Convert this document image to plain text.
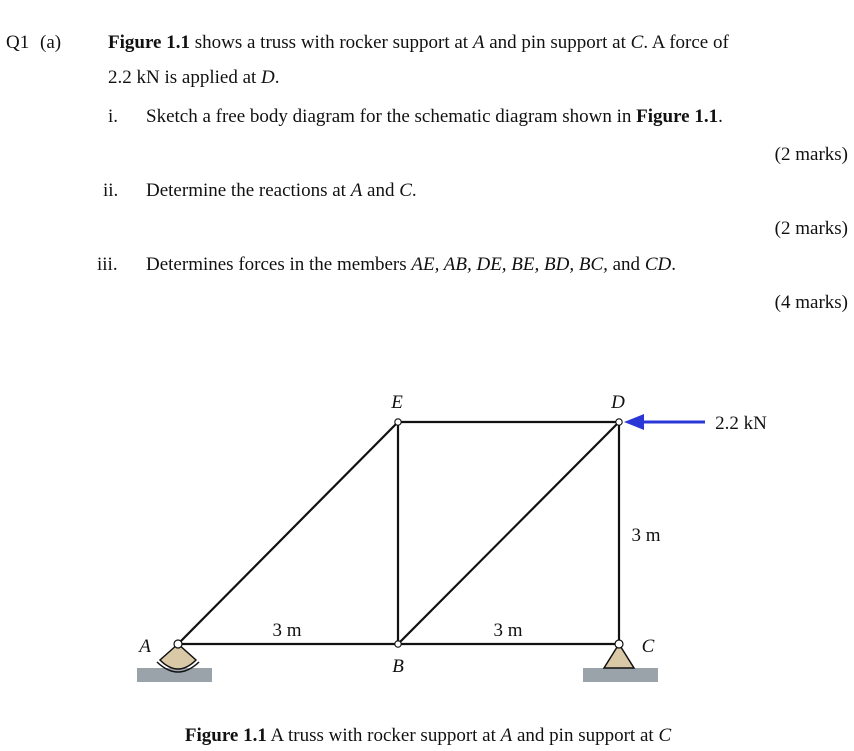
Q1 (a) Figure 1.1 shows a truss with rocker support at A and pin support at C. A force of
2.2 kN is applied at D.
i. Sketch a free body diagram for the schematic diagram shown in Figure 1.1.
(2 marks)
ii. Determine the reactions at A and C.
(2 marks)
iii. Determines forces in the members AE, AB, DE, BE, BD, BC, and CD.
(4 marks)
E	D
A
B
C
3 m	3 m
3 m
2.2 kN
Figure 1.1 A truss with rocker support at A and pin support at C
